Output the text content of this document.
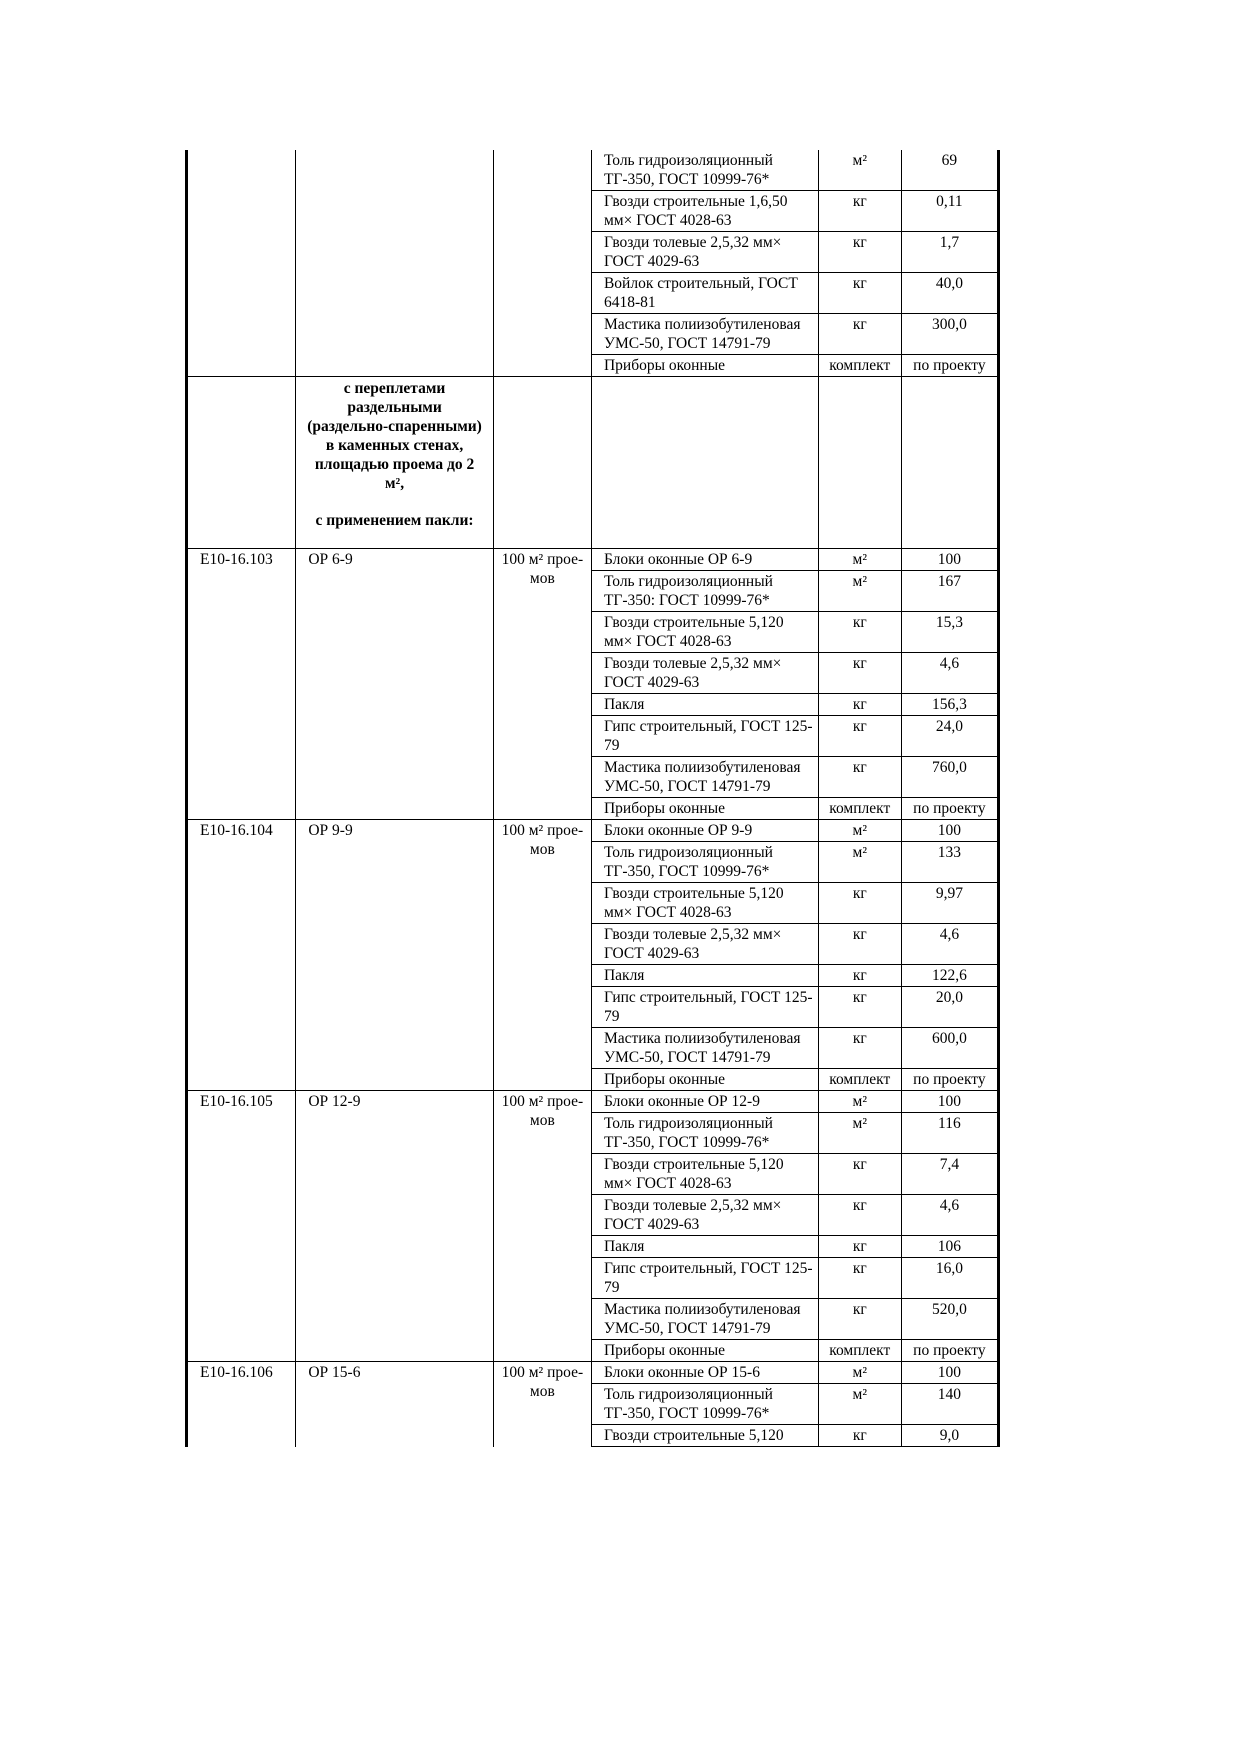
			Толь гидроизоляционный ТГ-350, ГОСТ 10999-76*	м²	69

			Гвозди строительные 1,6,50 мм× ГОСТ 4028-63	кг	0,11

			Гвозди толевые 2,5,32 мм× ГОСТ 4029-63	кг	1,7

			Войлок строительный, ГОСТ 6418-81	кг	40,0

			Мастика полиизобутиленовая УМС-50, ГОСТ 14791-79	кг	300,0

			Приборы оконные	комплект	по проекту

	с переплетами раздельными (раздельно-спаренными) в каменных стенах, площадью проема до 2 м²,
с применением пакли:				

Е10-16.103	ОР 6-9	100 м² прое-мов	Блоки оконные ОР 6-9	м²	100

			Толь гидроизоляционный ТГ-350: ГОСТ 10999-76*	м²	167

			Гвозди строительные 5,120 мм× ГОСТ 4028-63	кг	15,3

			Гвозди толевые 2,5,32 мм× ГОСТ 4029-63	кг	4,6

			Пакля	кг	156,3

			Гипс строительный, ГОСТ 125-79	кг	24,0

			Мастика полиизобутиленовая УМС-50, ГОСТ 14791-79	кг	760,0

			Приборы оконные	комплект	по проекту

Е10-16.104	ОР 9-9	100 м² прое-мов	Блоки оконные ОР 9-9	м²	100

			Толь гидроизоляционный ТГ-350, ГОСТ 10999-76*	м²	133

			Гвозди строительные 5,120 мм× ГОСТ 4028-63	кг	9,97

			Гвозди толевые 2,5,32 мм× ГОСТ 4029-63	кг	4,6

			Пакля	кг	122,6

			Гипс строительный, ГОСТ 125-79	кг	20,0

			Мастика полиизобутиленовая УМС-50, ГОСТ 14791-79	кг	600,0

			Приборы оконные	комплект	по проекту

Е10-16.105	ОР 12-9	100 м² прое-мов	Блоки оконные ОР 12-9	м²	100

			Толь гидроизоляционный ТГ-350, ГОСТ 10999-76*	м²	116

			Гвозди строительные 5,120 мм× ГОСТ 4028-63	кг	7,4

			Гвозди толевые 2,5,32 мм× ГОСТ 4029-63	кг	4,6

			Пакля	кг	106

			Гипс строительный, ГОСТ 125-79	кг	16,0

			Мастика полиизобутиленовая УМС-50, ГОСТ 14791-79	кг	520,0

			Приборы оконные	комплект	по проекту

Е10-16.106	ОР 15-6	100 м² прое-мов	Блоки оконные ОР 15-6	м²	100

			Толь гидроизоляционный ТГ-350, ГОСТ 10999-76*	м²	140

			Гвозди строительные 5,120	кг	9,0
